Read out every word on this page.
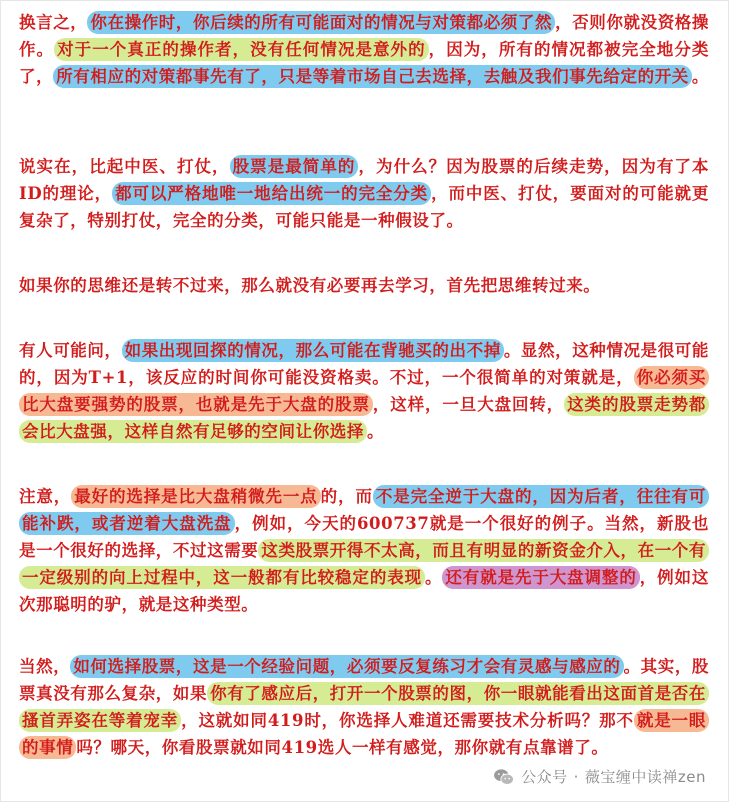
换言之， 你在操作时，你后续的所有可能面对的情况与对策都必须了然 ，否则你就没资格操作。 对于一个真正的操作者，没有任何情况是意外的 ，因为，所有的情况都被完全地分类了， 所有相应的对策都事先有了，只是等着市场自己去选择，去触及我们事先给定的开关 。
说实在，比起中医、打仗， 股票是最简单的 ，为什么？因为股票的后续走势，因为有了本ID的理论， 都可以严格地唯一地给出统一的完全分类 ，而中医、打仗，要面对的可能就更复杂了，特别打仗，完全的分类，可能只能是一种假设了。
如果你的思维还是转不过来，那么就没有必要再去学习，首先把思维转过来。
有人可能问， 如果出现回探的情况，那么可能在背驰买的出不掉 。显然，这种情况是很可能的，因为T+1，该反应的时间你可能没资格卖。不过，一个很简单的对策就是， 你必须买比大盘要强势的股票，也就是先于大盘的股票 ，这样，一旦大盘回转， 这类的股票走势都会比大盘强，这样自然有足够的空间让你选择 。
注意， 最好的选择是比大盘稍微先一点 的，而 不是完全逆于大盘的，因为后者，往往有可能补跌，或者逆着大盘洗盘 ，例如，今天的600737就是一个很好的例子。当然，新股也是一个很好的选择，不过这需要 这类股票开得不太高，而且有明显的新资金介入，在一个有一定级别的向上过程中，这一般都有比较稳定的表现 。 还有就是先于大盘调整的 ，例如这次那聪明的驴，就是这种类型。
当然， 如何选择股票，这是一个经验问题，必须要反复练习才会有灵感与感应的 。其实，股票真没有那么复杂，如果 你有了感应后，打开一个股票的图，你一眼就能看出这面首是否在搔首弄姿在等着宠幸 ，这就如同419时，你选择人难道还需要技术分析吗？那不 就是一眼的事情 吗？哪天，你看股票就如同419选人一样有感觉，那你就有点靠谱了。
公众号 · 薇宝缠中读禅zen
